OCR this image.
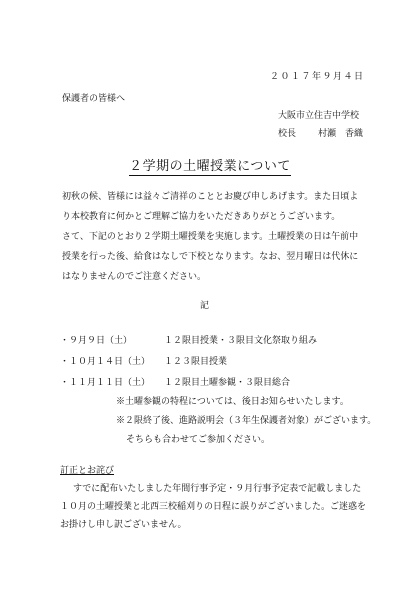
２０１７年９月４日
保護者の皆様へ
大阪市立住吉中学校
校長 村瀬　香織
２学期の土曜授業について
初秋の候、皆様には益々ご清祥のこととお慶び申しあげます。また日頃より本校教育に何かとご理解ご協力をいただきありがとうございます。
さて、下記のとおり２学期土曜授業を実施します。土曜授業の日は午前中授業を行った後、給食はなしで下校となります。なお、翌月曜日は代休にはなりませんのでご注意ください。
記
・９月９日（土）	１２限目授業・３限目文化祭取り組み
・１０月１４日（土） １２３限目授業
・１１月１１日（土） １２限目土曜参観・３限目総合
※土曜参観の特程については、後日お知らせいたします。
※２限終了後、進路説明会（３年生保護者対象）がございます。
そちらも合わせてご参加ください。
訂正とお詫び
すでに配布いたしました年間行事予定・９月行事予定表で記載しました
１０月の土曜授業と北西三校稲刈りの日程に誤りがございました。ご迷惑を
お掛けし申し訳ございません。
